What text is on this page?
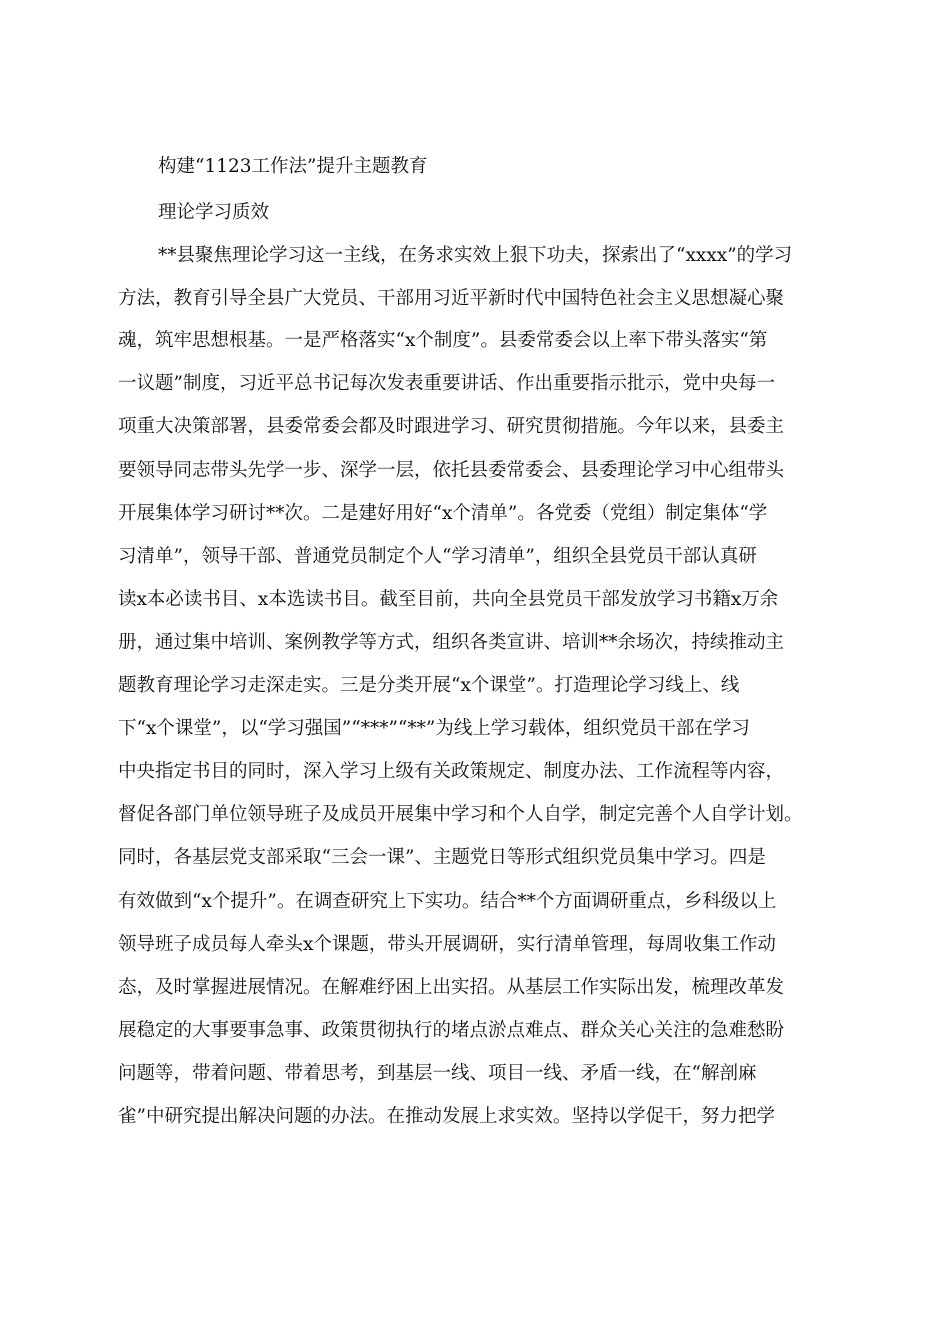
构建“1123工作法”提升主题教育
理论学习质效
**县聚焦理论学习这一主线，在务求实效上狠下功夫，探索出了“xxxx”的学习
方法，教育引导全县广大党员、干部用习近平新时代中国特色社会主义思想凝心聚
魂，筑牢思想根基。一是严格落实“x个制度”。县委常委会以上率下带头落实“第
一议题”制度，习近平总书记每次发表重要讲话、作出重要指示批示，党中央每一
项重大决策部署，县委常委会都及时跟进学习、研究贯彻措施。今年以来，县委主
要领导同志带头先学一步、深学一层，依托县委常委会、县委理论学习中心组带头
开展集体学习研讨**次。二是建好用好“x个清单”。各党委（党组）制定集体“学
习清单”，领导干部、普通党员制定个人“学习清单”，组织全县党员干部认真研
读x本必读书目、x本选读书目。截至目前，共向全县党员干部发放学习书籍x万余
册，通过集中培训、案例教学等方式，组织各类宣讲、培训**余场次，持续推动主
题教育理论学习走深走实。三是分类开展“x个课堂”。打造理论学习线上、线
下“x个课堂”，以“学习强国”“***”“**”为线上学习载体，组织党员干部在学习
中央指定书目的同时，深入学习上级有关政策规定、制度办法、工作流程等内容，
督促各部门单位领导班子及成员开展集中学习和个人自学，制定完善个人自学计划。
同时，各基层党支部采取“三会一课”、主题党日等形式组织党员集中学习。四是
有效做到“x个提升”。在调查研究上下实功。结合**个方面调研重点，乡科级以上
领导班子成员每人牵头x个课题，带头开展调研，实行清单管理，每周收集工作动
态，及时掌握进展情况。在解难纾困上出实招。从基层工作实际出发，梳理改革发
展稳定的大事要事急事、政策贯彻执行的堵点淤点难点、群众关心关注的急难愁盼
问题等，带着问题、带着思考，到基层一线、项目一线、矛盾一线，在“解剖麻
雀”中研究提出解决问题的办法。在推动发展上求实效。坚持以学促干，努力把学
